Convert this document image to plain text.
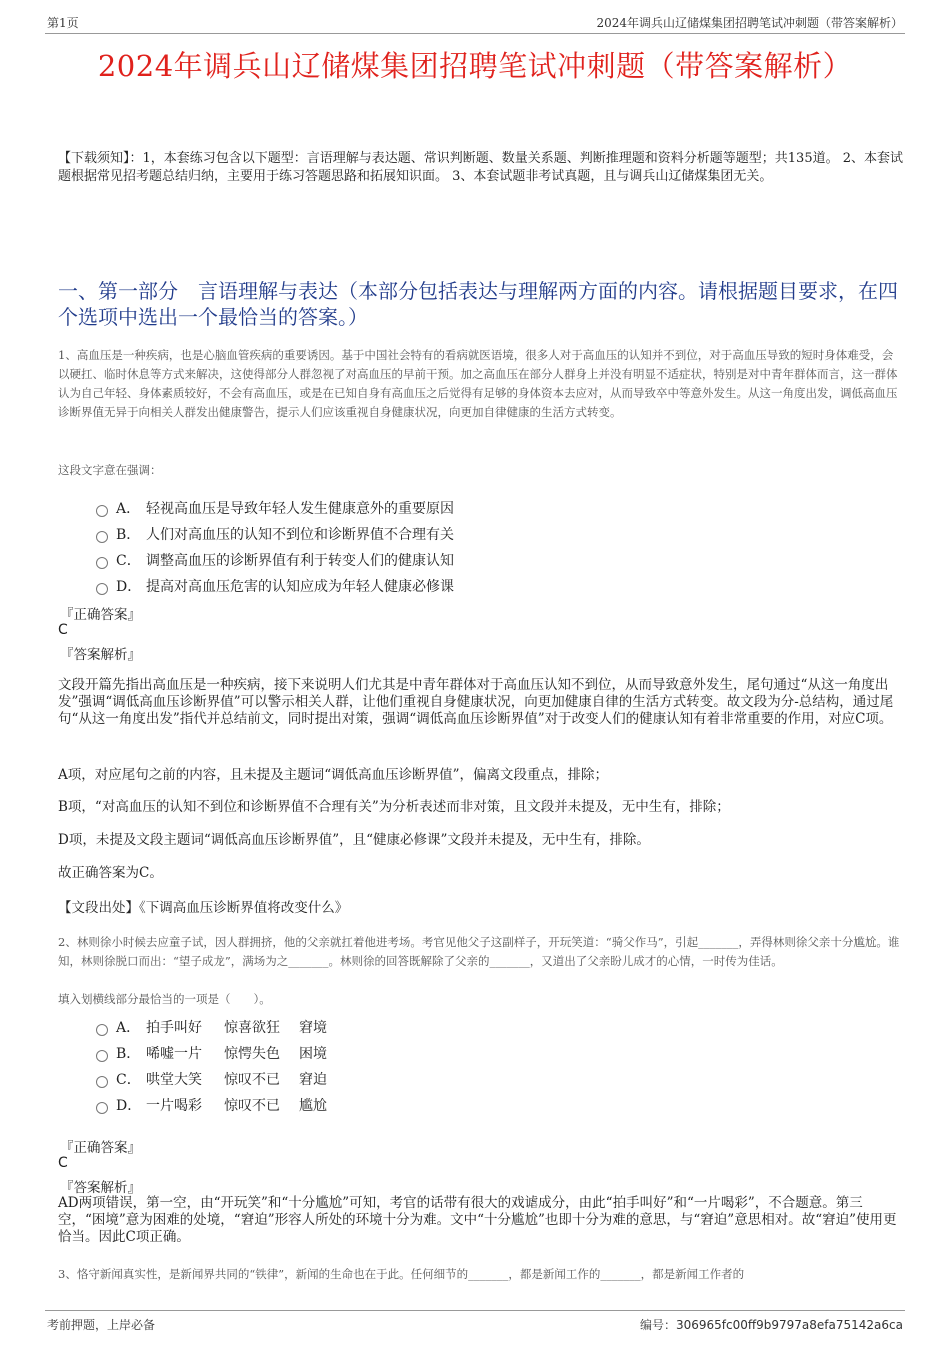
第1页	2024年调兵山辽储煤集团招聘笔试冲刺题（带答案解析）
2024年调兵山辽储煤集团招聘笔试冲刺题（带答案解析）
【下载须知】：1，本套练习包含以下题型：言语理解与表达题、常识判断题、数量关系题、判断推理题和资料分析题等题型；共135道。 2、本套试题根据常见招考题总结归纳，主要用于练习答题思路和拓展知识面。 3、本套试题非考试真题，且与调兵山辽储煤集团无关。
一、第一部分　言语理解与表达（本部分包括表达与理解两方面的内容。请根据题目要求，在四个选项中选出一个最恰当的答案。）
1、高血压是一种疾病，也是心脑血管疾病的重要诱因。基于中国社会特有的看病就医语境，很多人对于高血压的认知并不到位，对于高血压导致的短时身体难受，会以硬扛、临时休息等方式来解决，这使得部分人群忽视了对高血压的早前干预。加之高血压在部分人群身上并没有明显不适症状，特别是对中青年群体而言，这一群体认为自己年轻、身体素质较好，不会有高血压，或是在已知自身有高血压之后觉得有足够的身体资本去应对，从而导致卒中等意外发生。从这一角度出发，调低高血压诊断界值无异于向相关人群发出健康警告，提示人们应该重视自身健康状况，向更加自律健康的生活方式转变。
这段文字意在强调：
A． 轻视高血压是导致年轻人发生健康意外的重要原因
B． 人们对高血压的认知不到位和诊断界值不合理有关
C． 调整高血压的诊断界值有利于转变人们的健康认知
D． 提高对高血压危害的认知应成为年轻人健康必修课
『正确答案』
C
『答案解析』
文段开篇先指出高血压是一种疾病，接下来说明人们尤其是中青年群体对于高血压认知不到位，从而导致意外发生，尾句通过“从这一角度出发”强调“调低高血压诊断界值”可以警示相关人群，让他们重视自身健康状况，向更加健康自律的生活方式转变。故文段为分-总结构，通过尾句“从这一角度出发”指代并总结前文，同时提出对策，强调“调低高血压诊断界值”对于改变人们的健康认知有着非常重要的作用，对应C项。
A项，对应尾句之前的内容，且未提及主题词“调低高血压诊断界值”，偏离文段重点，排除；
B项，“对高血压的认知不到位和诊断界值不合理有关”为分析表述而非对策，且文段并未提及，无中生有，排除；
D项，未提及文段主题词“调低高血压诊断界值”，且“健康必修课”文段并未提及，无中生有，排除。
故正确答案为C。
【文段出处】《下调高血压诊断界值将改变什么》
2、林则徐小时候去应童子试，因人群拥挤，他的父亲就扛着他进考场。考官见他父子这副样子，开玩笑道：“骑父作马”，引起_______，弄得林则徐父亲十分尴尬。谁知，林则徐脱口而出：“望子成龙”，满场为之_______。林则徐的回答既解除了父亲的_______，又道出了父亲盼儿成才的心情，一时传为佳话。
填入划横线部分最恰当的一项是（　　）。
A． 拍手叫好 惊喜欲狂 窘境
B． 唏嘘一片 惊愕失色 困境
C． 哄堂大笑 惊叹不已 窘迫
D． 一片喝彩 惊叹不已 尴尬
『正确答案』
C
『答案解析』
AD两项错误，第一空，由“开玩笑”和“十分尴尬”可知，考官的话带有很大的戏谑成分，由此“拍手叫好”和“一片喝彩”，不合题意。第三空，“困境”意为困难的处境，“窘迫”形容人所处的环境十分为难。文中“十分尴尬”也即十分为难的意思，与“窘迫”意思相对。故“窘迫”使用更恰当。因此C项正确。
3、恪守新闻真实性，是新闻界共同的“铁律”，新闻的生命也在于此。任何细节的_______，都是新闻工作的_______，都是新闻工作者的
考前押题，上岸必备	编号：306965fc00ff9b9797a8efa75142a6ca
